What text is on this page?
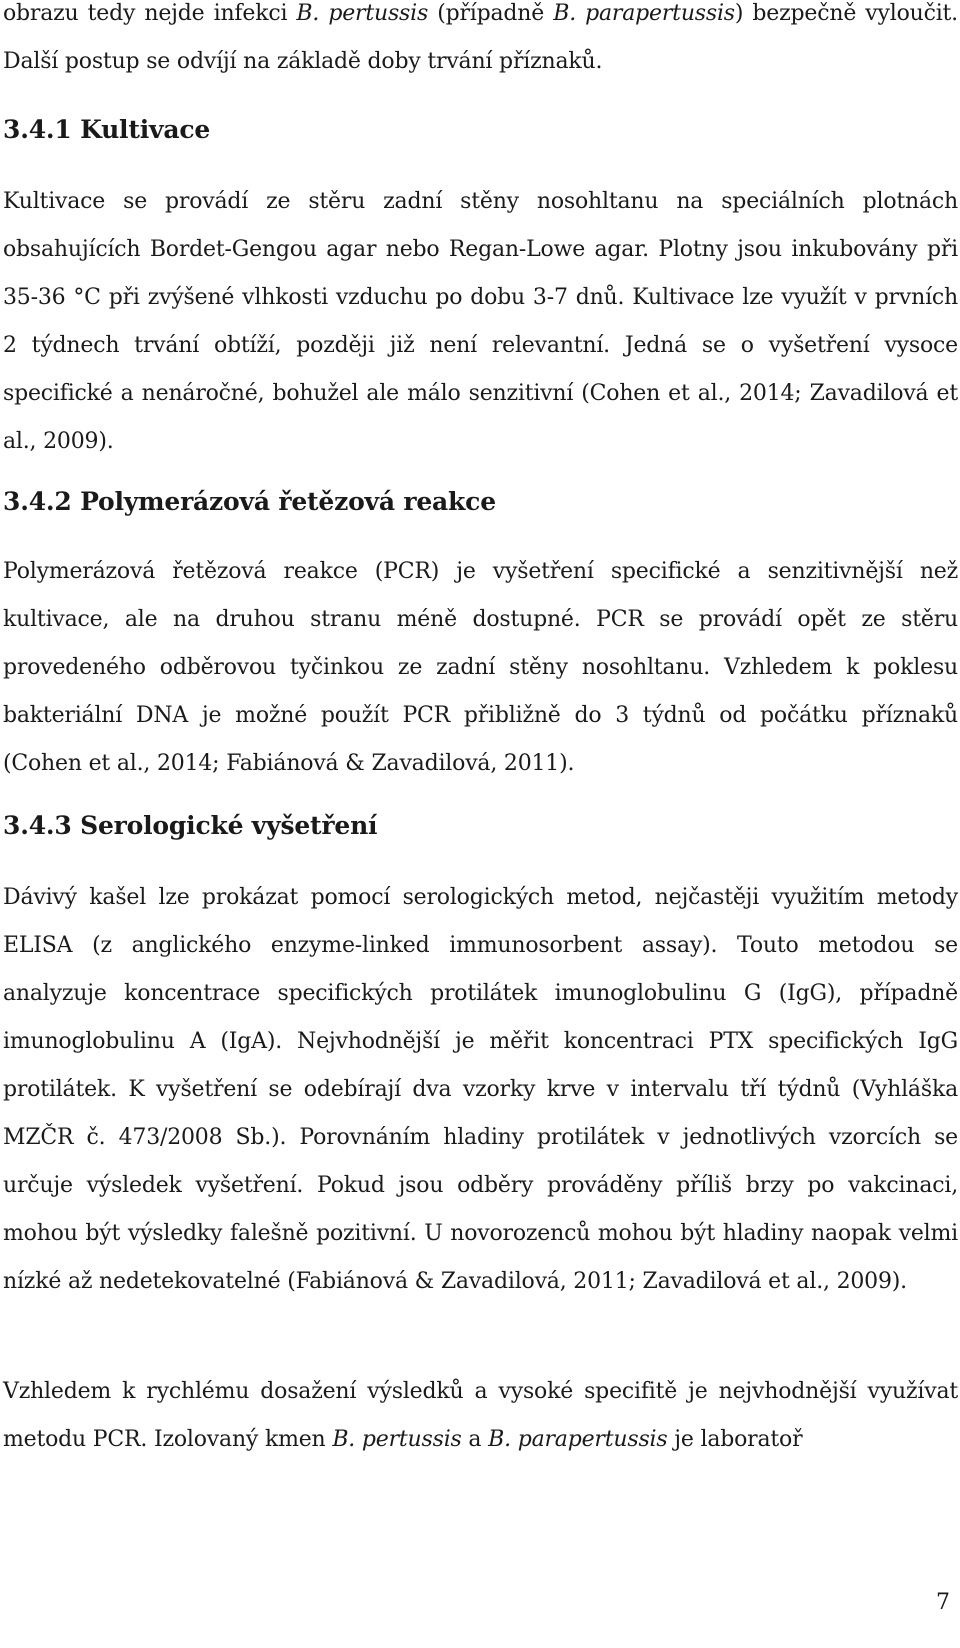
obrazu tedy nejde infekci B. pertussis (případně B. parapertussis) bezpečně vyloučit. Další postup se odvíjí na základě doby trvání příznaků.

3.4.1 Kultivace

Kultivace se provádí ze stěru zadní stěny nosohltanu na speciálních plotnách obsahujících Bordet-Gengou agar nebo Regan-Lowe agar. Plotny jsou inkubovány při 35-36 °C při zvýšené vlhkosti vzduchu po dobu 3-7 dnů. Kultivace lze využít v prvních 2 týdnech trvání obtíží, později již není relevantní. Jedná se o vyšetření vysoce specifické a nenáročné, bohužel ale málo senzitivní (Cohen et al., 2014; Zavadilová et al., 2009).

3.4.2 Polymerázová řetězová reakce

Polymerázová řetězová reakce (PCR) je vyšetření specifické a senzitivnější než kultivace, ale na druhou stranu méně dostupné. PCR se provádí opět ze stěru provedeného odběrovou tyčinkou ze zadní stěny nosohltanu. Vzhledem k poklesu bakteriální DNA je možné použít PCR přibližně do 3 týdnů od počátku příznaků (Cohen et al., 2014; Fabiánová & Zavadilová, 2011).

3.4.3 Serologické vyšetření

Dávivý kašel lze prokázat pomocí serologických metod, nejčastěji využitím metody ELISA (z anglického enzyme-linked immunosorbent assay). Touto metodou se analyzuje koncentrace specifických protilátek imunoglobulinu G (IgG), případně imunoglobulinu A (IgA). Nejvhodnější je měřit koncentraci PTX specifických IgG protilátek. K vyšetření se odebírají dva vzorky krve v intervalu tří týdnů (Vyhláška MZČR č. 473/2008 Sb.). Porovnáním hladiny protilátek v jednotlivých vzorcích se určuje výsledek vyšetření. Pokud jsou odběry prováděny příliš brzy po vakcinaci, mohou být výsledky falešně pozitivní. U novorozenců mohou být hladiny naopak velmi nízké až nedetekovatelné (Fabiánová & Zavadilová, 2011; Zavadilová et al., 2009).

Vzhledem k rychlému dosažení výsledků a vysoké specifitě je nejvhodnější využívat metodu PCR. Izolovaný kmen B. pertussis a B. parapertussis je laboratoř

7
